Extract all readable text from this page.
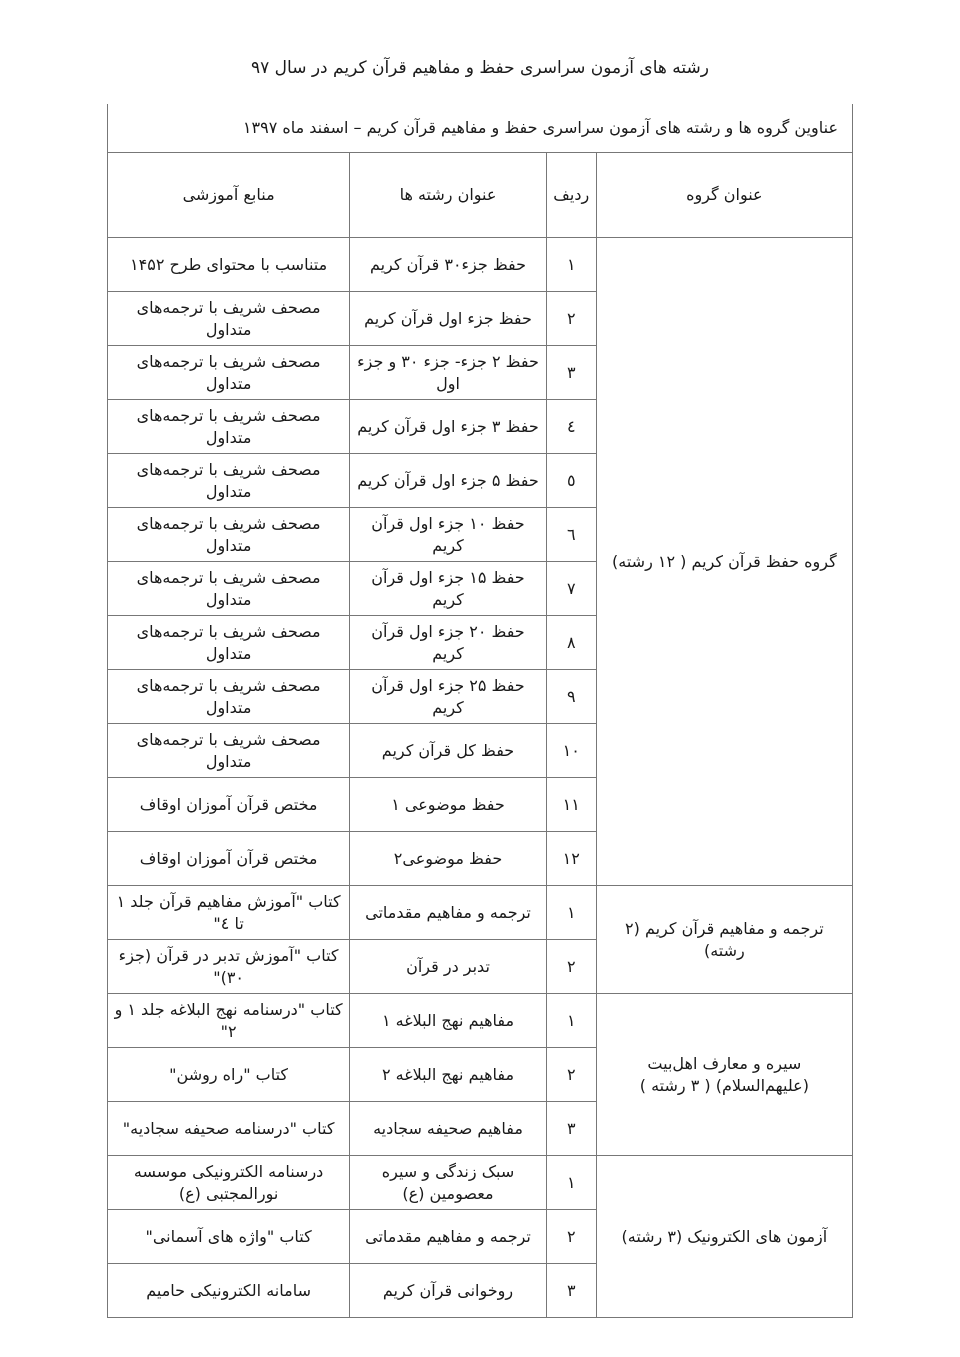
رشته های آزمون سراسری حفظ و مفاهیم قرآن کریم در سال ۹۷
عناوین گروه ها و رشته های آزمون سراسری حفظ و مفاهیم قرآن کریم – اسفند ماه ۱۳۹۷			
عنوان گروه	ردیف	عنوان رشته ها	منابع آموزشی
گروه حفظ قرآن کریم ( ۱۲ رشته)	۱	حفظ جزء۳۰ قرآن کریم	متناسب با محتوای طرح ۱۴۵۲
	۲	حفظ جزء اول قرآن کریم	مصحف شریف با ترجمه‌های متداول
	۳	حفظ ۲ جزء- جزء ۳۰ و جزء اول	مصحف شریف با ترجمه‌های متداول
	٤	حفظ ۳ جزء اول قرآن کریم	مصحف شریف با ترجمه‌های متداول
	٥	حفظ ۵ جزء اول قرآن کریم	مصحف شریف با ترجمه‌های متداول
	٦	حفظ ۱۰ جزء اول قرآن کریم	مصحف شریف با ترجمه‌های متداول
	۷	حفظ ۱۵ جزء اول قرآن کریم	مصحف شریف با ترجمه‌های متداول
	۸	حفظ ۲۰ جزء اول قرآن کریم	مصحف شریف با ترجمه‌های متداول
	۹	حفظ ۲۵ جزء اول قرآن کریم	مصحف شریف با ترجمه‌های متداول
	۱۰	حفظ کل قرآن کریم	مصحف شریف با ترجمه‌های متداول
	۱۱	حفظ موضوعی ۱	مختص قرآن آموزان اوقاف
	۱۲	حفظ موضوعی۲	مختص قرآن آموزان اوقاف
ترجمه و مفاهیم قرآن کریم (۲ رشته)	۱	ترجمه و مفاهیم مقدماتی	کتاب "آموزش مفاهیم قرآن جلد ۱ تا ٤"
	۲	تدبر در قرآن	کتاب "آموزش تدبر در قرآن (جزء ۳۰)"
سیره و معارف اهل‌بیت (علیهم‌السلام) ( ۳ رشته )	۱	مفاهیم نهج البلاغه ۱	کتاب "درسنامه نهج البلاغه جلد ۱ و ۲"
	۲	مفاهیم نهج البلاغه ۲	کتاب "راه روشن"
	۳	مفاهیم صحیفه سجادیه	کتاب "درسنامه صحیفه سجادیه"
آزمون های الکترونیک (۳ رشته)	۱	سبک زندگی و سیره معصومین (ع)	درسنامه الکترونیکی موسسه نورالمجتبی (ع)
	۲	ترجمه و مفاهیم مقدماتی	کتاب "واژه های آسمانی"
	۳	روخوانی قرآن کریم	سامانه الکترونیکی حامیم
